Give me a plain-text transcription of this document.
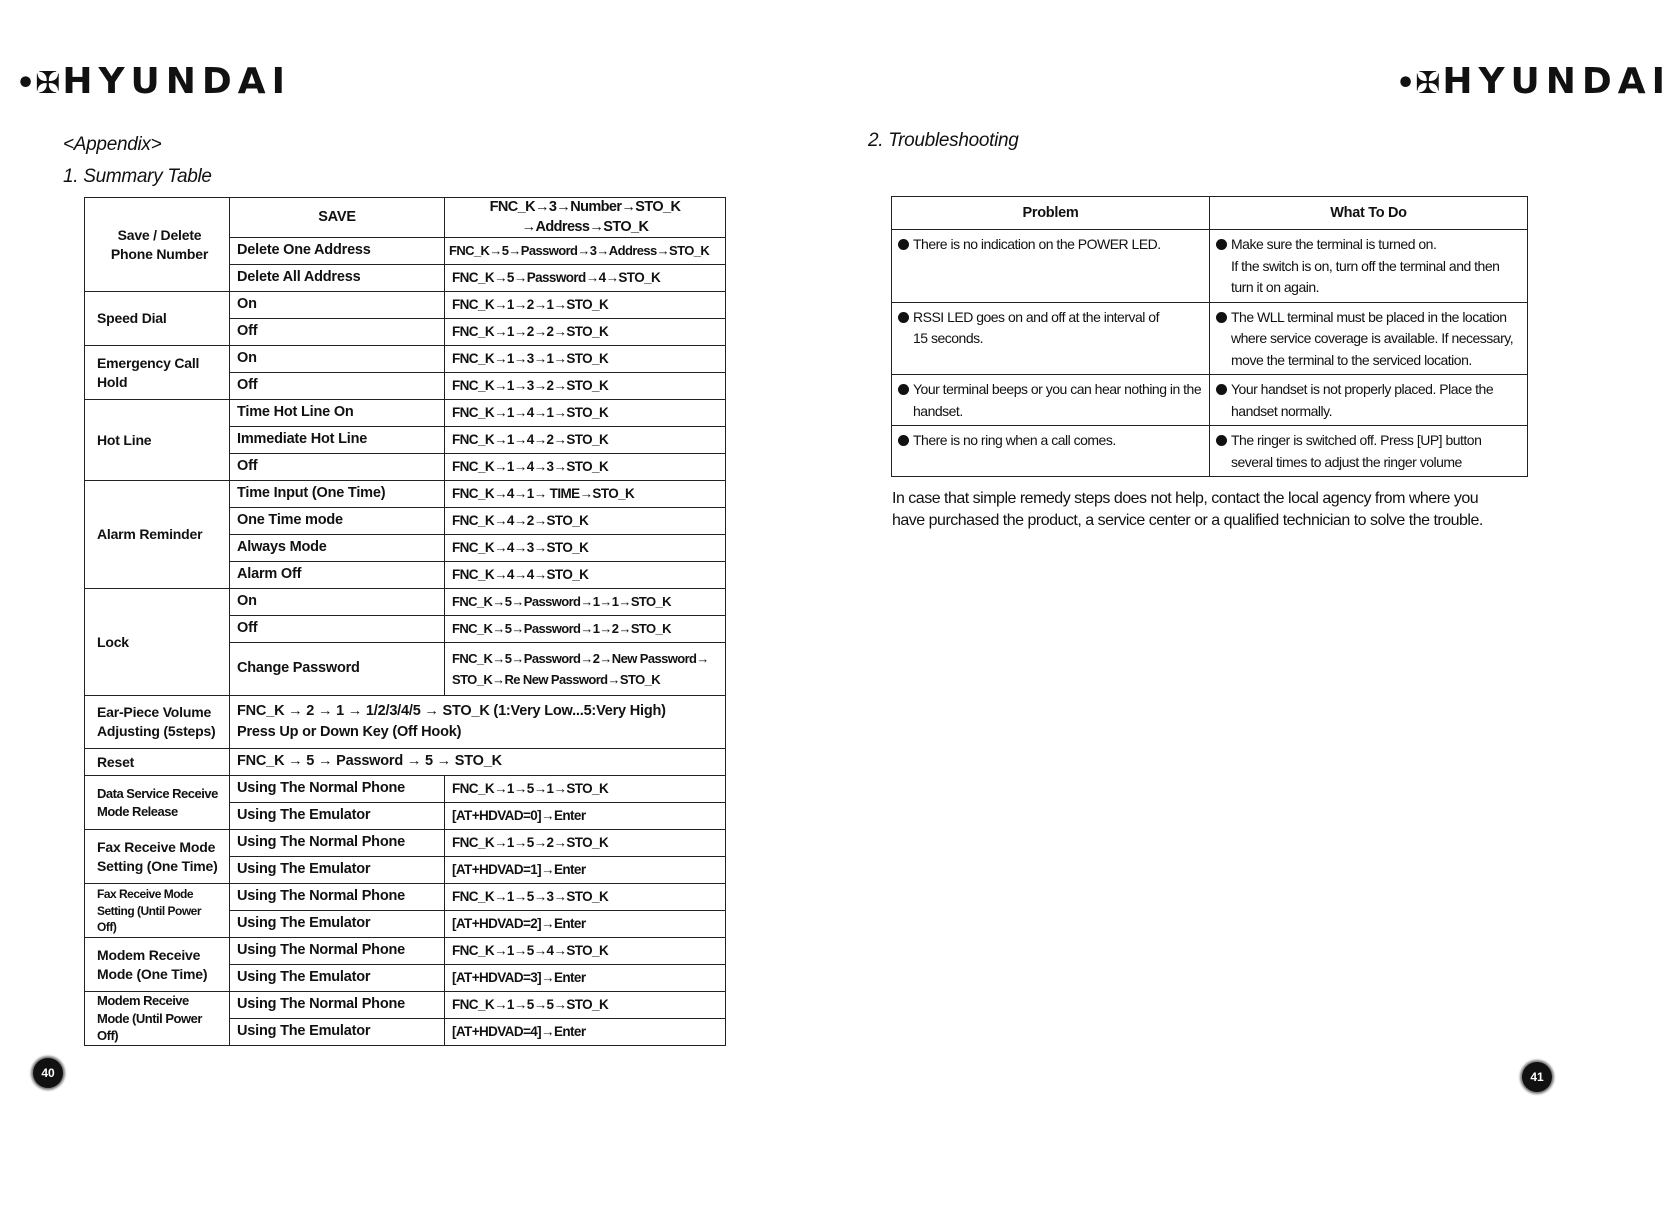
•✠HYUNDAI	•✠HYUNDAI
<Appendix>
1. Summary Table
Save / Delete Phone Number	SAVE	FNC_K→3→Number→STO_K
→Address→STO_K
	Delete One Address	FNC_K→5→Password→3→Address→STO_K
	Delete All Address	FNC_K→5→Password→4→STO_K
Speed Dial	On	FNC_K→1→2→1→STO_K
	Off	FNC_K→1→2→2→STO_K
Emergency Call Hold	On	FNC_K→1→3→1→STO_K
	Off	FNC_K→1→3→2→STO_K
Hot Line	Time Hot Line On	FNC_K→1→4→1→STO_K
	Immediate Hot Line	FNC_K→1→4→2→STO_K
	Off	FNC_K→1→4→3→STO_K
Alarm Reminder	Time Input (One Time)	FNC_K→4→1→ TIME→STO_K
	One Time mode	FNC_K→4→2→STO_K
	Always Mode	FNC_K→4→3→STO_K
	Alarm Off	FNC_K→4→4→STO_K
Lock	On	FNC_K→5→Password→1→1→STO_K
	Off	FNC_K→5→Password→1→2→STO_K
	Change Password	FNC_K→5→Password→2→New Password→
STO_K→Re New Password→STO_K
Ear-Piece Volume Adjusting (5steps)	FNC_K → 2 → 1 → 1/2/3/4/5 → STO_K (1:Very Low...5:Very High)
Press Up or Down Key (Off Hook)	
Reset	FNC_K → 5 → Password → 5 → STO_K	
Data Service Receive Mode Release	Using The Normal Phone	FNC_K→1→5→1→STO_K
	Using The Emulator	[AT+HDVAD=0]→Enter
Fax Receive Mode Setting (One Time)	Using The Normal Phone	FNC_K→1→5→2→STO_K
	Using The Emulator	[AT+HDVAD=1]→Enter
Fax Receive Mode Setting (Until Power Off)	Using The Normal Phone	FNC_K→1→5→3→STO_K
	Using The Emulator	[AT+HDVAD=2]→Enter
Modem Receive Mode (One Time)	Using The Normal Phone	FNC_K→1→5→4→STO_K
	Using The Emulator	[AT+HDVAD=3]→Enter
Modem Receive Mode (Until Power Off)	Using The Normal Phone	FNC_K→1→5→5→STO_K
	Using The Emulator	[AT+HDVAD=4]→Enter
40
2. Troubleshooting
Problem	What To Do
There is no indication on the POWER LED.	Make sure the terminal is turned on.
If the switch is on, turn off the terminal and then turn it on again.

RSSI LED goes on and off at the interval of
15 seconds.	The WLL terminal must be placed in the location
where service coverage is available. If necessary, move the terminal to the serviced location.

Your terminal beeps or you can hear nothing in the
handset.	Your handset is not properly placed. Place the
handset normally.

There is no ring when a call comes.	The ringer is switched off. Press [UP] button
several times to adjust the ringer volume
In case that simple remedy steps does not help, contact the local agency from where you have purchased the product, a service center or a qualified technician to solve the trouble.
41
